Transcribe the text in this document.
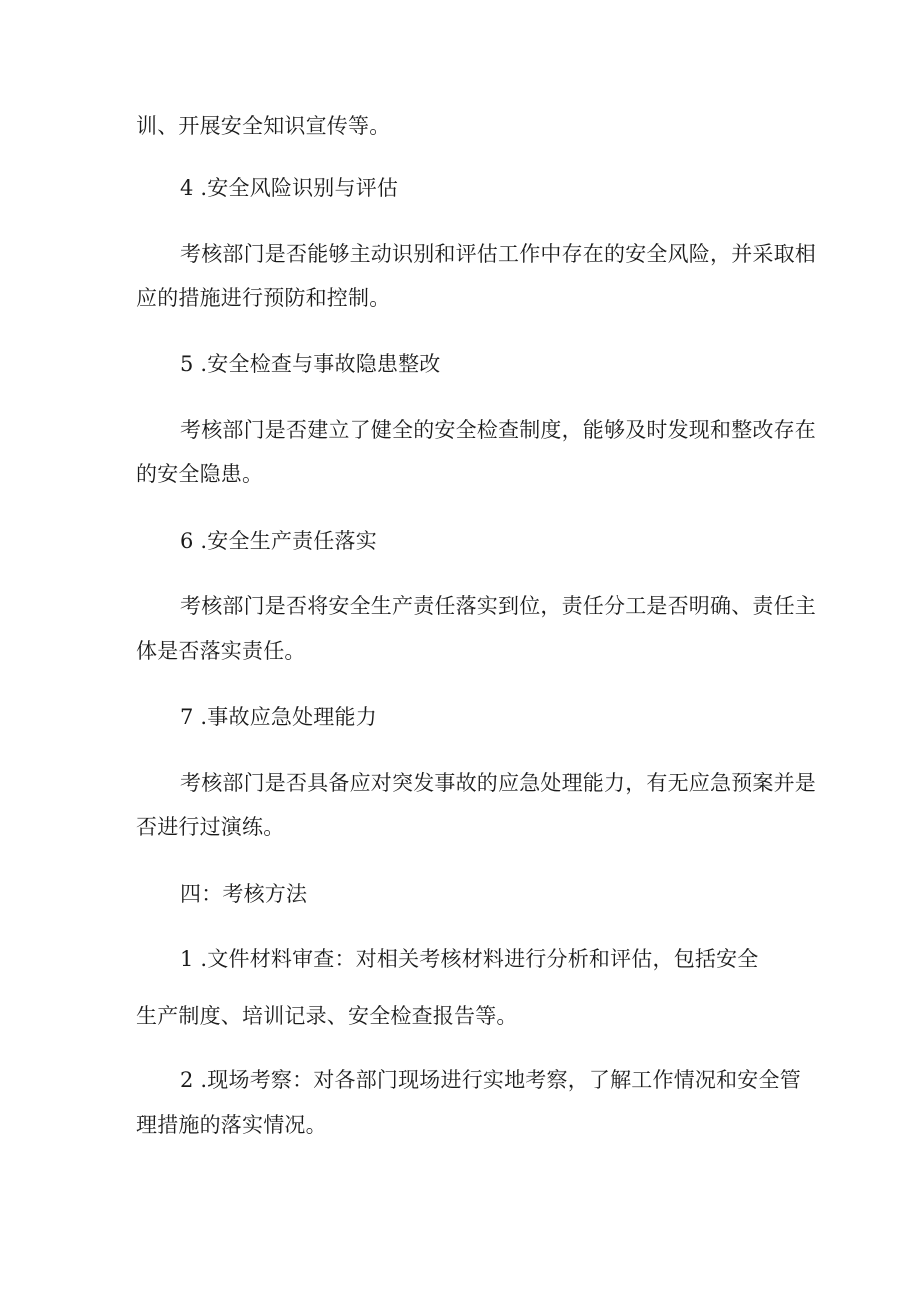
训、开展安全知识宣传等。
4 .安全风险识别与评估
考核部门是否能够主动识别和评估工作中存在的安全风险，并采取相
应的措施进行预防和控制。
5 .安全检查与事故隐患整改
考核部门是否建立了健全的安全检查制度，能够及时发现和整改存在
的安全隐患。
6 .安全生产责任落实
考核部门是否将安全生产责任落实到位，责任分工是否明确、责任主
体是否落实责任。
7 .事故应急处理能力
考核部门是否具备应对突发事故的应急处理能力，有无应急预案并是
否进行过演练。
四：考核方法
1 .文件材料审查：对相关考核材料进行分析和评估，包括安全
生产制度、培训记录、安全检查报告等。
2 .现场考察：对各部门现场进行实地考察，了解工作情况和安全管
理措施的落实情况。
